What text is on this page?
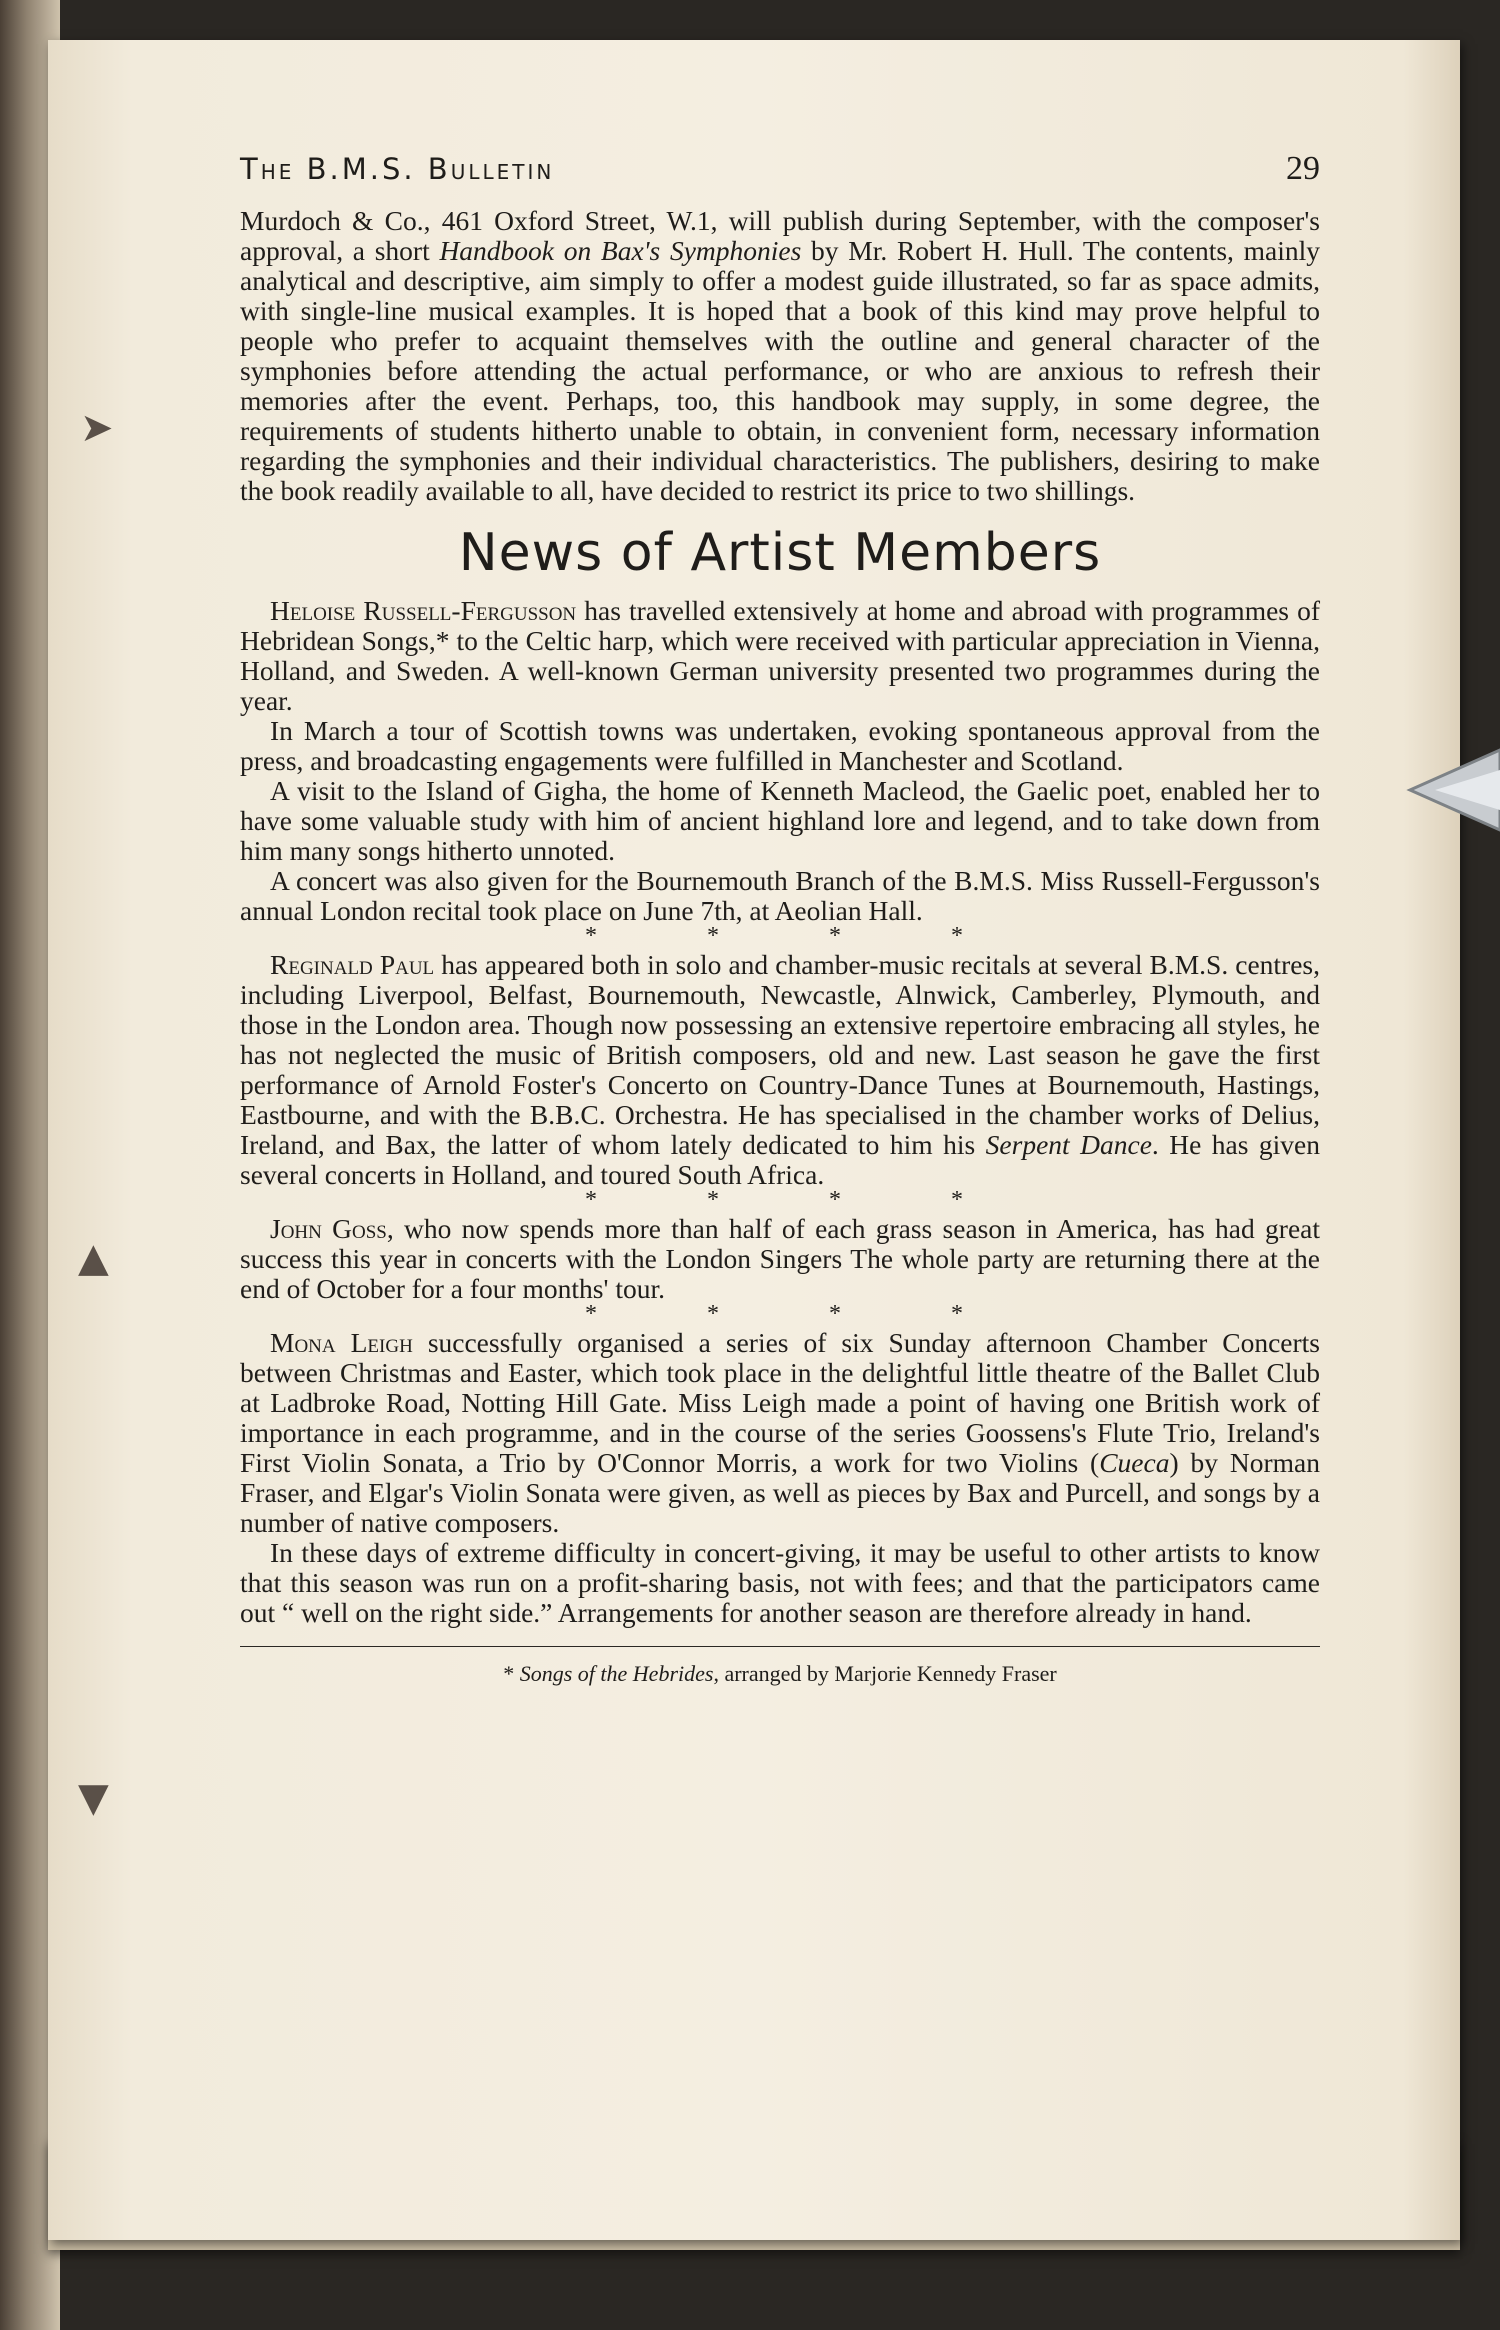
➤
▲
▼
The B.M.S. Bulletin	29

Murdoch & Co., 461 Oxford Street, W.1, will publish during September, with the composer's approval, a short Handbook on Bax's Symphonies by Mr. Robert H. Hull. The contents, mainly analytical and descriptive, aim simply to offer a modest guide illustrated, so far as space admits, with single-line musical examples. It is hoped that a book of this kind may prove helpful to people who prefer to acquaint themselves with the outline and general character of the symphonies before attending the actual performance, or who are anxious to refresh their memories after the event. Perhaps, too, this handbook may supply, in some degree, the requirements of students hitherto unable to obtain, in convenient form, necessary information regarding the symphonies and their individual characteristics. The publishers, desiring to make the book readily available to all, have decided to restrict its price to two shillings.

News of Artist Members

Heloise Russell-Fergusson has travelled extensively at home and abroad with programmes of Hebridean Songs,* to the Celtic harp, which were received with particular appreciation in Vienna, Holland, and Sweden. A well-known German university presented two programmes during the year.

In March a tour of Scottish towns was undertaken, evoking spontaneous approval from the press, and broadcasting engagements were fulfilled in Manchester and Scotland.

A visit to the Island of Gigha, the home of Kenneth Macleod, the Gaelic poet, enabled her to have some valuable study with him of ancient highland lore and legend, and to take down from him many songs hitherto unnoted.

A concert was also given for the Bournemouth Branch of the B.M.S. Miss Russell-Fergusson's annual London recital took place on June 7th, at Aeolian Hall.

* * * *

Reginald Paul has appeared both in solo and chamber-music recitals at several B.M.S. centres, including Liverpool, Belfast, Bournemouth, Newcastle, Alnwick, Camberley, Plymouth, and those in the London area. Though now possessing an extensive repertoire embracing all styles, he has not neglected the music of British composers, old and new. Last season he gave the first performance of Arnold Foster's Concerto on Country-Dance Tunes at Bournemouth, Hastings, Eastbourne, and with the B.B.C. Orchestra. He has specialised in the chamber works of Delius, Ireland, and Bax, the latter of whom lately dedicated to him his Serpent Dance. He has given several concerts in Holland, and toured South Africa.

* * * *

John Goss, who now spends more than half of each grass season in America, has had great success this year in concerts with the London Singers The whole party are returning there at the end of October for a four months' tour.

* * * *

Mona Leigh successfully organised a series of six Sunday afternoon Chamber Concerts between Christmas and Easter, which took place in the delightful little theatre of the Ballet Club at Ladbroke Road, Notting Hill Gate. Miss Leigh made a point of having one British work of importance in each programme, and in the course of the series Goossens's Flute Trio, Ireland's First Violin Sonata, a Trio by O'Connor Morris, a work for two Violins (Cueca) by Norman Fraser, and Elgar's Violin Sonata were given, as well as pieces by Bax and Purcell, and songs by a number of native composers.

In these days of extreme difficulty in concert-giving, it may be useful to other artists to know that this season was run on a profit-sharing basis, not with fees; and that the participators came out “ well on the right side.” Arrangements for another season are therefore already in hand.

* Songs of the Hebrides, arranged by Marjorie Kennedy Fraser
